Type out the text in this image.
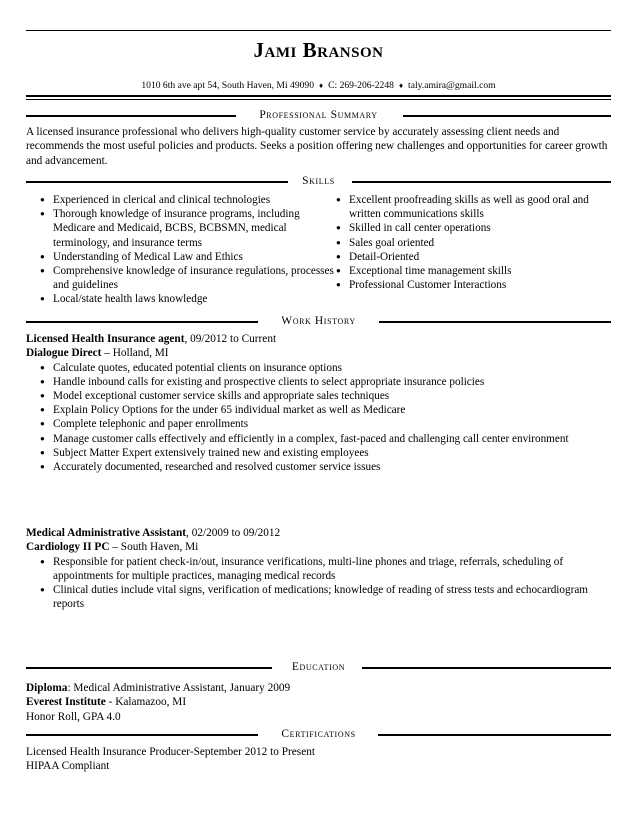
Jami Branson
1010 6th ave apt 54, South Haven, Mi 49090 ♦ C: 269-206-2248 ♦ taly.amira@gmail.com
Professional Summary
A licensed insurance professional who delivers high-quality customer service by accurately assessing client needs and recommends the most useful policies and products. Seeks a position offering new challenges and opportunities for career growth and advancement.
Skills
● Experienced in clerical and clinical technologies
● Thorough knowledge of insurance programs, including Medicare and Medicaid, BCBS, BCBSMN, medical terminology, and insurance terms
● Understanding of Medical Law and Ethics
● Comprehensive knowledge of insurance regulations, processes and guidelines
● Local/state health laws knowledge
● Excellent proofreading skills as well as good oral and written communications skills
● Skilled in call center operations
● Sales goal oriented
● Detail-Oriented
● Exceptional time management skills
● Professional Customer Interactions
Work History
Licensed Health Insurance agent, 09/2012 to Current
Dialogue Direct – Holland, MI
● Calculate quotes, educated potential clients on insurance options
● Handle inbound calls for existing and prospective clients to select appropriate insurance policies
● Model exceptional customer service skills and appropriate sales techniques
● Explain Policy Options for the under 65 individual market as well as Medicare
● Complete telephonic and paper enrollments
● Manage customer calls effectively and efficiently in a complex, fast-paced and challenging call center environment
● Subject Matter Expert extensively trained new and existing employees
● Accurately documented, researched and resolved customer service issues
Medical Administrative Assistant, 02/2009 to 09/2012
Cardiology II PC – South Haven, Mi
● Responsible for patient check-in/out, insurance verifications, multi-line phones and triage, referrals, scheduling of appointments for multiple practices, managing medical records
● Clinical duties include vital signs, verification of medications; knowledge of reading of stress tests and echocardiogram reports
Education
Diploma: Medical Administrative Assistant, January 2009
Everest Institute - Kalamazoo, MI
Honor Roll, GPA 4.0
Certifications
Licensed Health Insurance Producer-September 2012 to Present
HIPAA Compliant
